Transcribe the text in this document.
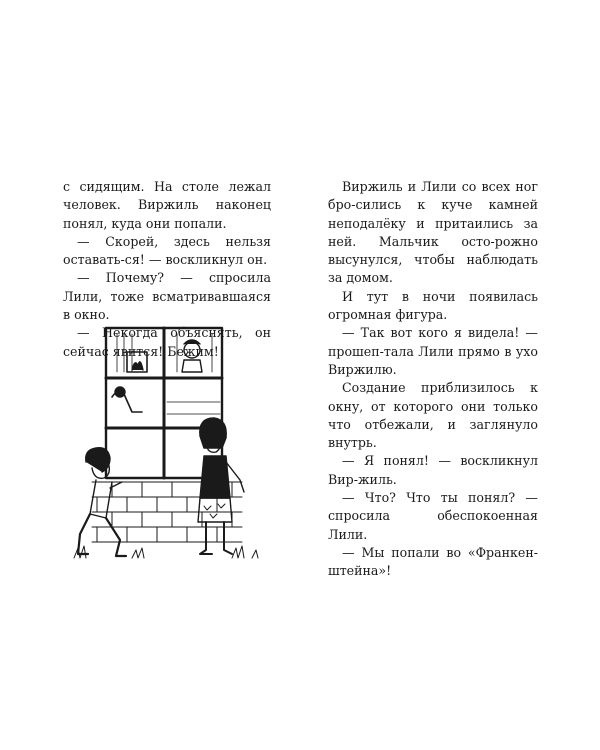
с сидящим. На столе лежал человек. Виржиль наконец понял, куда они попали.

— Скорей, здесь нельзя оставать-ся! — воскликнул он.

— Почему? — спросила Лили, тоже всматривавшаяся в окно.

— Некогда объяснять, он сейчас явится! Бежим!

Виржиль и Лили со всех ног бро-сились к куче камней неподалёку и притаились за ней. Мальчик осто-рожно высунулся, чтобы наблюдать за домом.

И тут в ночи появилась огромная фигура.

— Так вот кого я видела! — прошеп-тала Лили прямо в ухо Виржилю.

Создание приблизилось к окну, от которого они только что отбежали, и заглянуло внутрь.

— Я понял! — воскликнул Вир-жиль.

— Что? Что ты понял? — спросила обеспокоенная Лили.

— Мы попали во «Франкен-штейна»!
